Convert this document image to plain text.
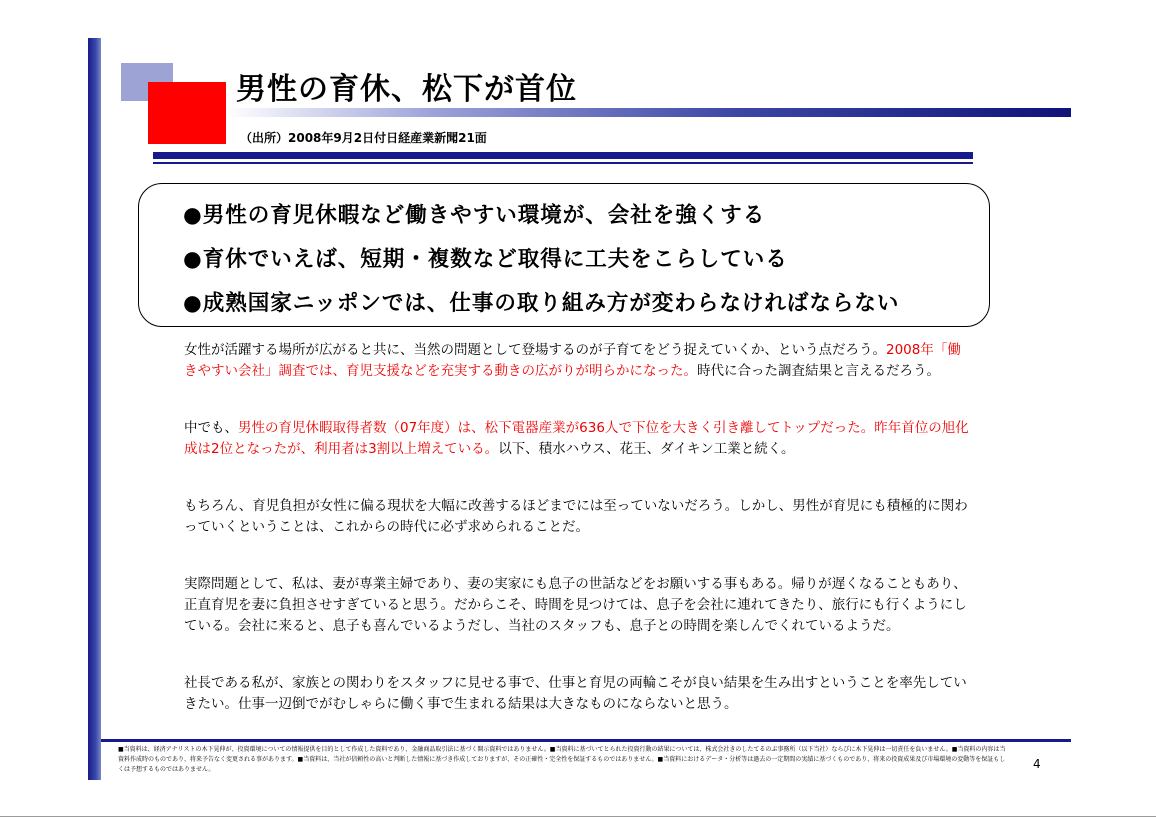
男性の育休、松下が首位
（出所）2008年9月2日付日経産業新聞21面
●男性の育児休暇など働きやすい環境が、会社を強くする
●育休でいえば、短期・複数など取得に工夫をこらしている
●成熟国家ニッポンでは、仕事の取り組み方が変わらなければならない

女性が活躍する場所が広がると共に、当然の問題として登場するのが子育てをどう捉えていくか、という点だろう。2008年「働きやすい会社」調査では、育児支援などを充実する動きの広がりが明らかになった。時代に合った調査結果と言えるだろう。

中でも、男性の育児休暇取得者数（07年度）は、松下電器産業が636人で下位を大きく引き離してトップだった。昨年首位の旭化成は2位となったが、利用者は3割以上増えている。以下、積水ハウス、花王、ダイキン工業と続く。

もちろん、育児負担が女性に偏る現状を大幅に改善するほどまでには至っていないだろう。しかし、男性が育児にも積極的に関わっていくということは、これからの時代に必ず求められることだ。

実際問題として、私は、妻が専業主婦であり、妻の実家にも息子の世話などをお願いする事もある。帰りが遅くなることもあり、正直育児を妻に負担させすぎていると思う。だからこそ、時間を見つけては、息子を会社に連れてきたり、旅行にも行くようにしている。会社に来ると、息子も喜んでいるようだし、当社のスタッフも、息子との時間を楽しんでくれているようだ。

社長である私が、家族との関わりをスタッフに見せる事で、仕事と育児の両輪こそが良い結果を生み出すということを率先していきたい。仕事一辺倒でがむしゃらに働く事で生まれる結果は大きなものにならないと思う。

■当資料は、経済アナリストの木下晃伸が、投資環境についての情報提供を目的として作成した資料であり、金融商品取引法に基づく開示資料ではありません。■当資料に基づいてとられた投資行動の結果については、株式会社きのしたてるのぶ事務所（以下当社）ならびに木下晃伸は一切責任を負いません。■当資料の内容は当資料作成時のものであり、将来予告なく変更される事があります。■当資料は、当社が信頼性の高いと判断した情報に基づき作成しておりますが、その正確性・完全性を保証するものではありません。■当資料におけるデータ・分析等は過去の一定期間の実績に基づくものであり、将来の投資成果及び市場環境の変動等を保証もしくは予想するものではありません。	4
